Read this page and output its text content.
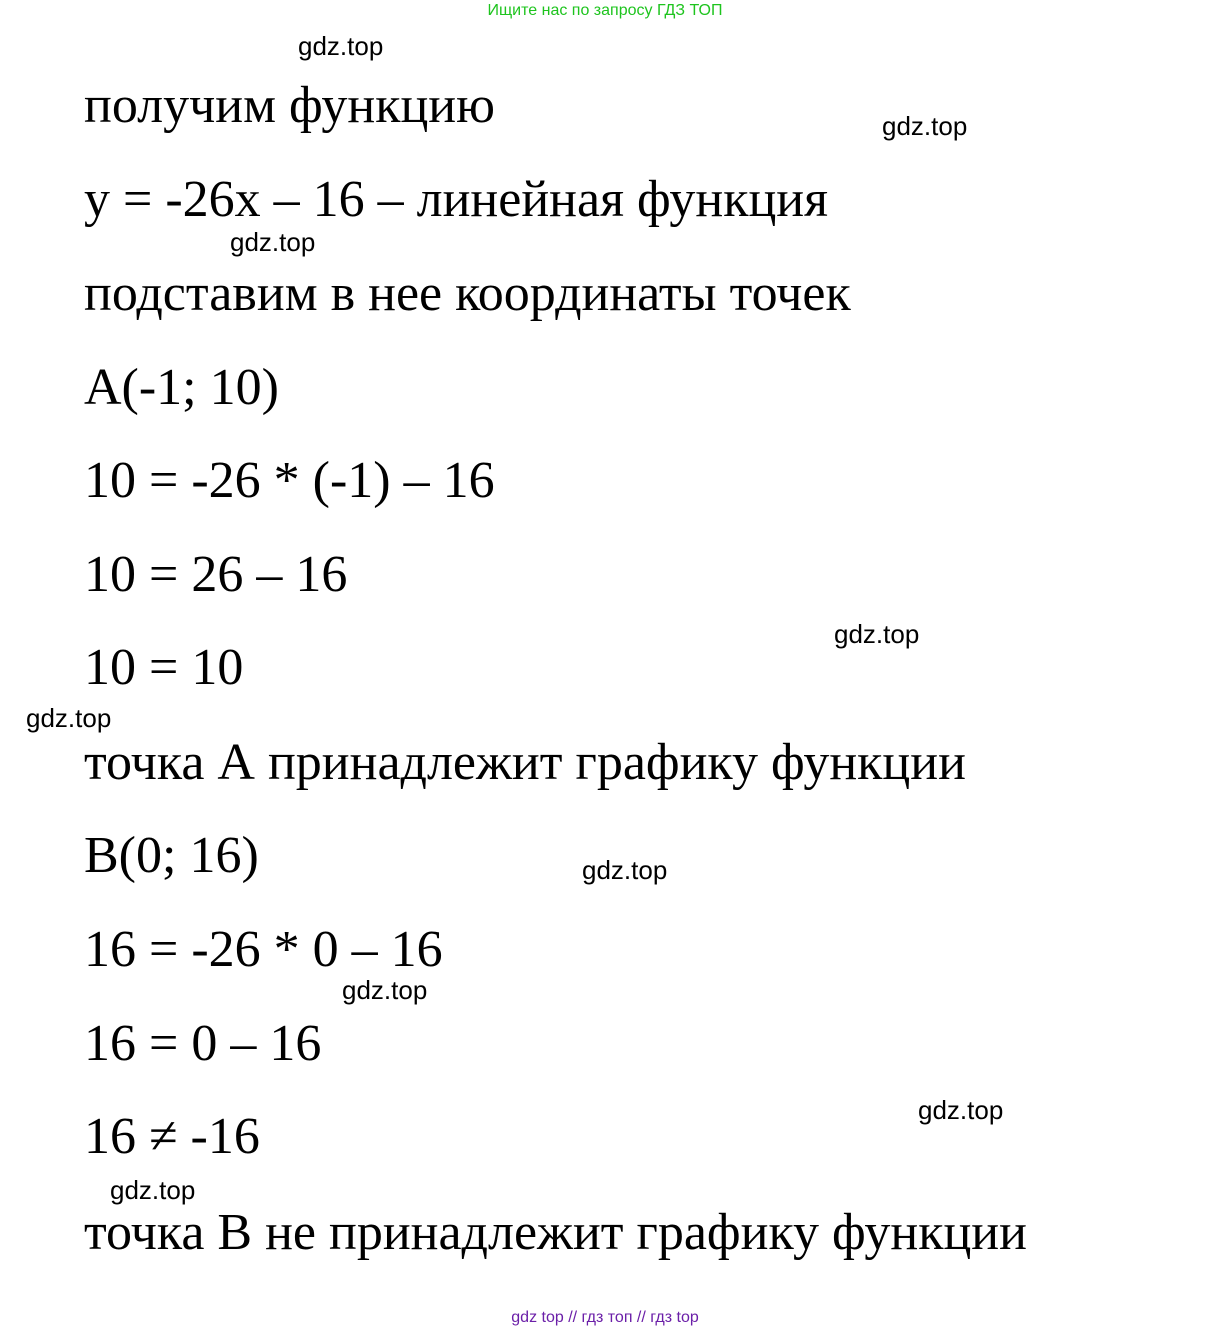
Ищите нас по запросу ГДЗ ТОП
gdz.top
получим функцию	gdz.top
y = -26x – 16 – линейная функция
gdz.top
подставим в нее координаты точек
A(-1; 10)
10 = -26 * (-1) – 16
10 = 26 – 16
gdz.top
10 = 10
gdz.top
точка А принадлежит графику функции
B(0; 16)	gdz.top
16 = -26 * 0 – 16
gdz.top
16 = 0 – 16
gdz.top
16 ≠ -16
gdz.top
точка В не принадлежит графику функции
gdz top // гдз топ // гдз top
